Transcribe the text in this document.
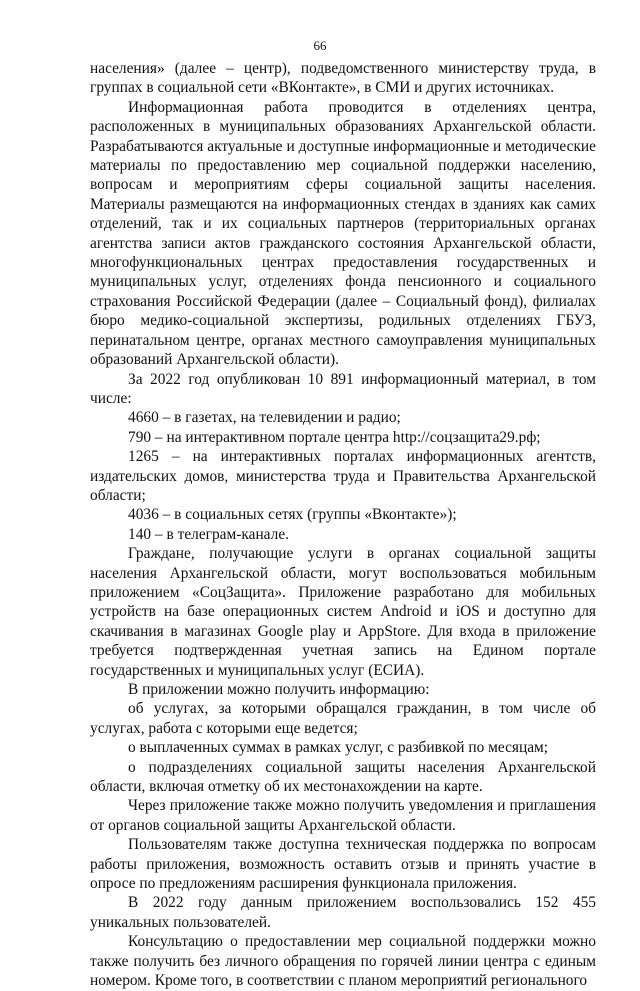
66

населения» (далее – центр), подведомственного министерству труда, в группах в социальной сети «ВКонтакте», в СМИ и других источниках.

Информационная работа проводится в отделениях центра, расположенных в муниципальных образованиях Архангельской области. Разрабатываются актуальные и доступные информационные и методические материалы по предоставлению мер социальной поддержки населению, вопросам и мероприятиям сферы социальной защиты населения. Материалы размещаются на информационных стендах в зданиях как самих отделений, так и их социальных партнеров (территориальных органах агентства записи актов гражданского состояния Архангельской области, многофункциональных центрах предоставления государственных и муниципальных услуг, отделениях фонда пенсионного и социального страхования Российской Федерации (далее – Социальный фонд), филиалах бюро медико-социальной экспертизы, родильных отделениях ГБУЗ, перинатальном центре, органах местного самоуправления муниципальных образований Архангельской области).

За 2022 год опубликован 10 891 информационный материал, в том числе:

4660 – в газетах, на телевидении и радио;

790 – на интерактивном портале центра http://соцзащита29.рф;

1265 – на интерактивных порталах информационных агентств, издательских домов, министерства труда и Правительства Архангельской области;

4036 – в социальных сетях (группы «Вконтакте»);

140 – в телеграм-канале.

Граждане, получающие услуги в органах социальной защиты населения Архангельской области, могут воспользоваться мобильным приложением «СоцЗащита». Приложение разработано для мобильных устройств на базе операционных систем Android и iOS и доступно для скачивания в магазинах Google play и AppStore. Для входа в приложение требуется подтвержденная учетная запись на Едином портале государственных и муниципальных услуг (ЕСИА).

В приложении можно получить информацию:

об услугах, за которыми обращался гражданин, в том числе об услугах, работа с которыми еще ведется;

о выплаченных суммах в рамках услуг, с разбивкой по месяцам;

о подразделениях социальной защиты населения Архангельской области, включая отметку об их местонахождении на карте.

Через приложение также можно получить уведомления и приглашения от органов социальной защиты Архангельской области.

Пользователям также доступна техническая поддержка по вопросам работы приложения, возможность оставить отзыв и принять участие в опросе по предложениям расширения функционала приложения.

В 2022 году данным приложением воспользовались 152 455 уникальных пользователей.

Консультацию о предоставлении мер социальной поддержки можно также получить без личного обращения по горячей линии центра с единым номером. Кроме того, в соответствии с планом мероприятий регионального
